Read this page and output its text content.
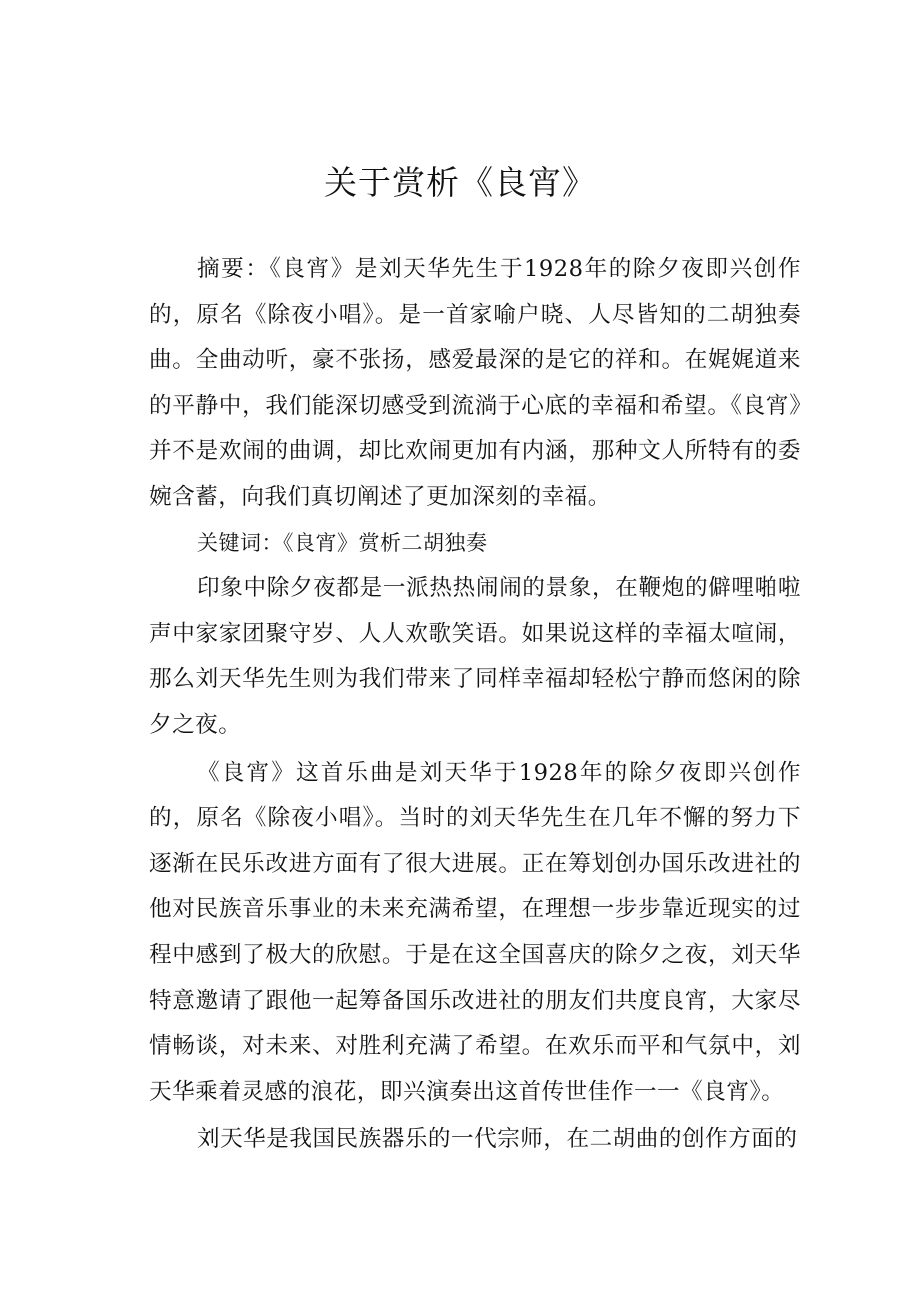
关于赏析《良宵》

摘要：《良宵》是刘天华先生于1928年的除夕夜即兴创作的，原名《除夜小唱》。是一首家喻户晓、人尽皆知的二胡独奏曲。全曲动听，豪不张扬，感爱最深的是它的祥和。在娓娓道来的平静中，我们能深切感受到流淌于心底的幸福和希望。《良宵》并不是欢闹的曲调，却比欢闹更加有内涵，那种文人所特有的委婉含蓄，向我们真切阐述了更加深刻的幸福。

关键词：《良宵》赏析二胡独奏

印象中除夕夜都是一派热热闹闹的景象，在鞭炮的僻哩啪啦声中家家团聚守岁、人人欢歌笑语。如果说这样的幸福太喧闹，那么刘天华先生则为我们带来了同样幸福却轻松宁静而悠闲的除夕之夜。

《良宵》这首乐曲是刘天华于1928年的除夕夜即兴创作的，原名《除夜小唱》。当时的刘天华先生在几年不懈的努力下逐渐在民乐改进方面有了很大进展。正在筹划创办国乐改进社的他对民族音乐事业的未来充满希望，在理想一步步靠近现实的过程中感到了极大的欣慰。于是在这全国喜庆的除夕之夜，刘天华特意邀请了跟他一起筹备国乐改进社的朋友们共度良宵，大家尽情畅谈，对未来、对胜利充满了希望。在欢乐而平和气氛中，刘天华乘着灵感的浪花，即兴演奏出这首传世佳作一一《良宵》。

刘天华是我国民族器乐的一代宗师，在二胡曲的创作方面的
